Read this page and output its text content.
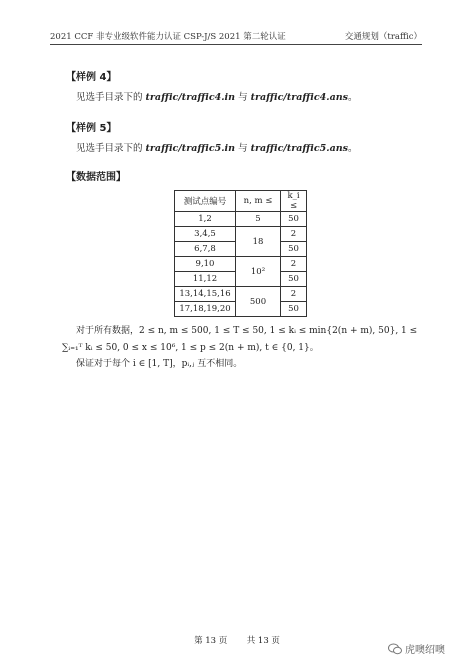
2021 CCF 非专业级软件能力认证 CSP-J/S 2021 第二轮认证	交通规划（traffic）
【样例 4】
见选手目录下的 traffic/traffic4.in 与 traffic/traffic4.ans。
【样例 5】
见选手目录下的 traffic/traffic5.in 与 traffic/traffic5.ans。
【数据范围】
测试点编号	n, m ≤	k_i ≤
1,2	5	50
3,4,5	18	2
6,7,8		50
9,10	10²	2
11,12		50
13,14,15,16	500	2
17,18,19,20		50
对于所有数据，2 ≤ n, m ≤ 500, 1 ≤ T ≤ 50, 1 ≤ kᵢ ≤ min{2(n + m), 50}, 1 ≤
∑ᵢ₌₁ᵀ kᵢ ≤ 50, 0 ≤ x ≤ 10⁶, 1 ≤ p ≤ 2(n + m), t ∈ {0, 1}。
保证对于每个 i ∈ [1, T]，pᵢ,ⱼ 互不相同。
第 13 页 共 13 页
虎噢绍噢
